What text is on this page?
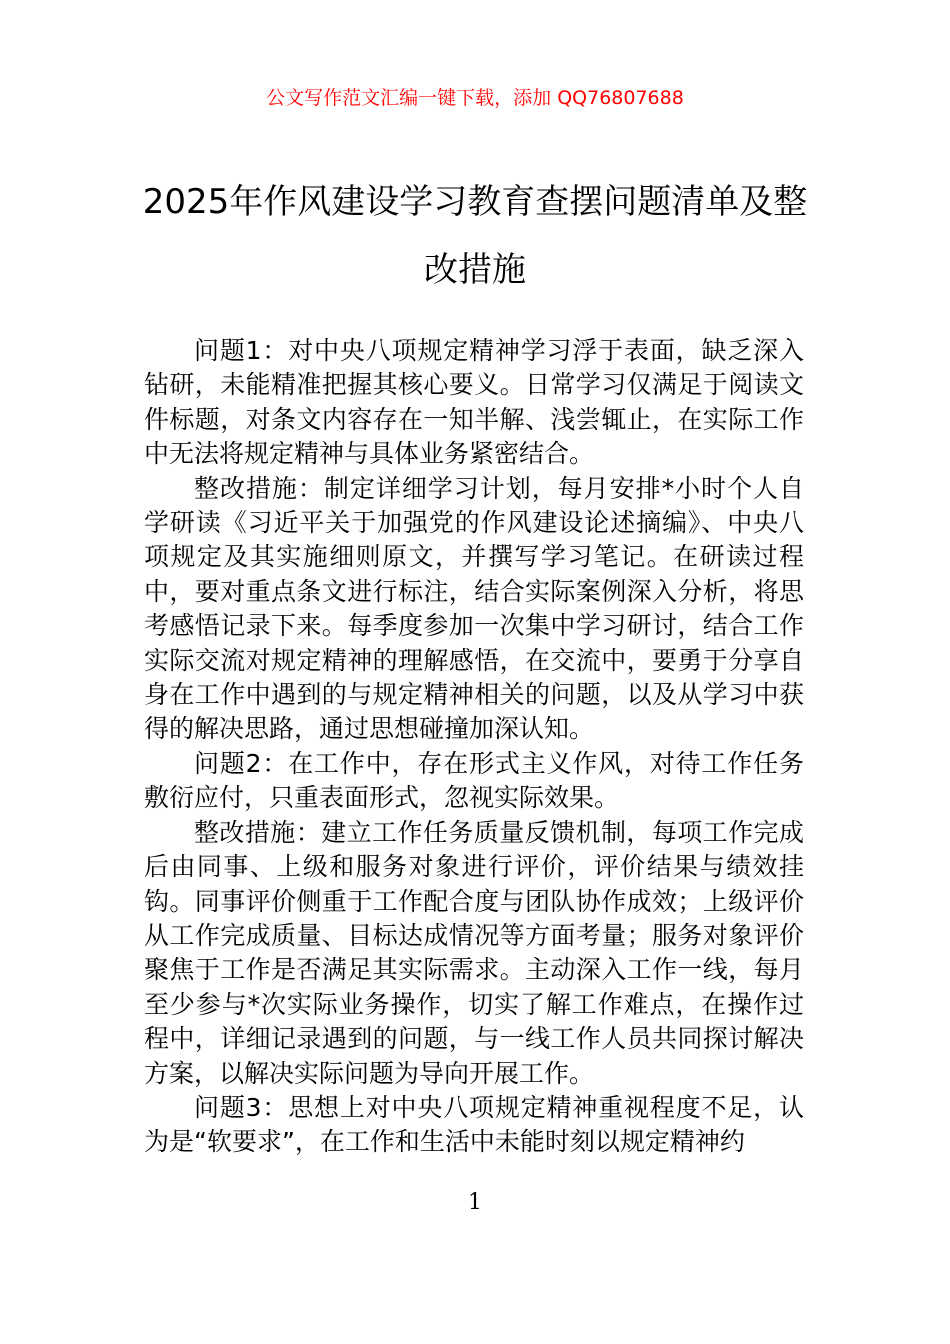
公文写作范文汇编一键下载，添加 QQ76807688
2025年作风建设学习教育查摆问题清单及整改措施

问题1：对中央八项规定精神学习浮于表面，缺乏深入钻研，未能精准把握其核心要义。日常学习仅满足于阅读文件标题，对条文内容存在一知半解、浅尝辄止，在实际工作中无法将规定精神与具体业务紧密结合。

整改措施：制定详细学习计划，每月安排*小时个人自学研读《习近平关于加强党的作风建设论述摘编》、中央八项规定及其实施细则原文，并撰写学习笔记。在研读过程中，要对重点条文进行标注，结合实际案例深入分析，将思考感悟记录下来。每季度参加一次集中学习研讨，结合工作实际交流对规定精神的理解感悟，在交流中，要勇于分享自身在工作中遇到的与规定精神相关的问题，以及从学习中获得的解决思路，通过思想碰撞加深认知。

问题2：在工作中，存在形式主义作风，对待工作任务敷衍应付，只重表面形式，忽视实际效果。

整改措施：建立工作任务质量反馈机制，每项工作完成后由同事、上级和服务对象进行评价，评价结果与绩效挂钩。同事评价侧重于工作配合度与团队协作成效；上级评价从工作完成质量、目标达成情况等方面考量；服务对象评价聚焦于工作是否满足其实际需求。主动深入工作一线，每月至少参与*次实际业务操作，切实了解工作难点，在操作过程中，详细记录遇到的问题，与一线工作人员共同探讨解决方案，以解决实际问题为导向开展工作。

问题3：思想上对中央八项规定精神重视程度不足，认为是“软要求”，在工作和生活中未能时刻以规定精神约

1
